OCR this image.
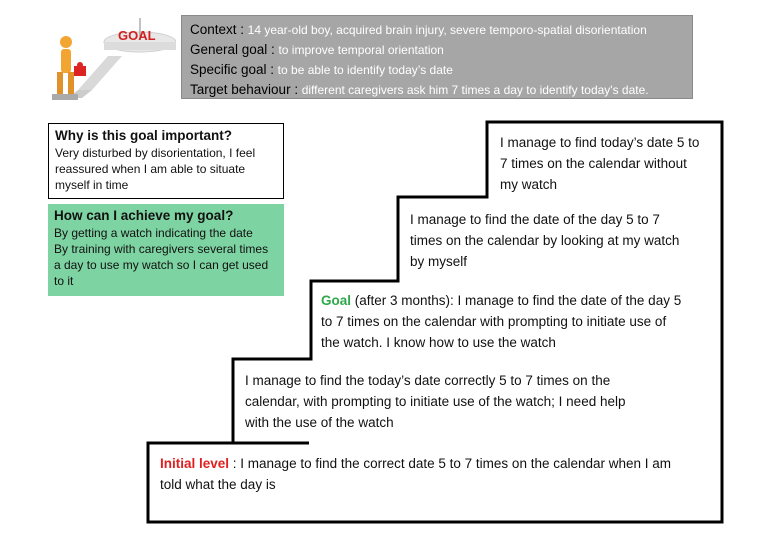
GOAL	Context : 14 year-old boy, acquired brain injury, severe temporo-spatial disorientation
General goal : to improve temporal orientation
Specific goal : to be able to identify today’s date
Target behaviour : different caregivers ask him 7 times a day to identify today's date.
Why is this goal important?
Very disturbed by disorientation, I feel
reassured when I am able to situate
myself in time
How can I achieve my goal?
By getting a watch indicating the date
By training with caregivers several times
a day to use my watch so I can get used
to it
I manage to find today’s date 5 to
7 times on the calendar without
my watch
I manage to find the date of the day 5 to 7
times on the calendar by looking at my watch
by myself
Goal (after 3 months): I manage to find the date of the day 5
to 7 times on the calendar with prompting to initiate use of
the watch. I know how to use the watch
I manage to find the today’s date correctly 5 to 7 times on the
calendar, with prompting to initiate use of the watch; I need help
with the use of the watch
Initial level : I manage to find the correct date 5 to 7 times on the calendar when I am
told what the day is
